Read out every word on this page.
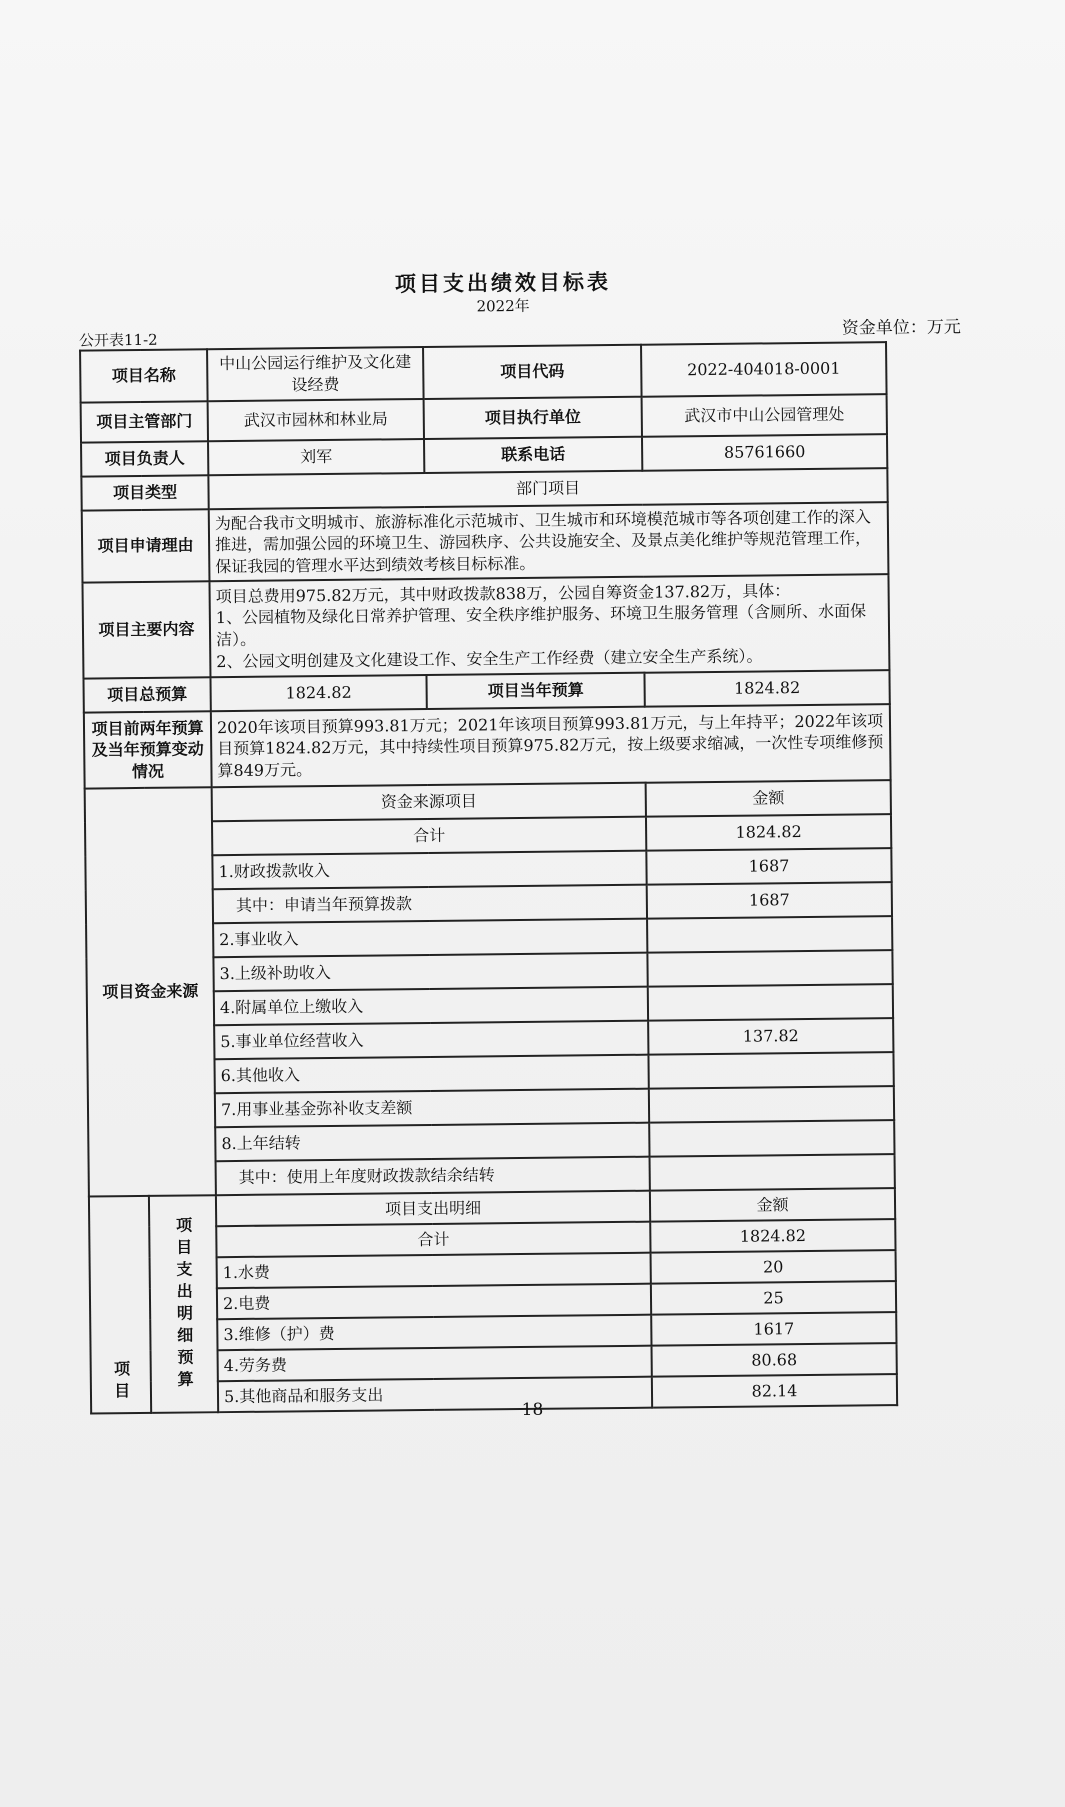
项目支出绩效目标表
2022年
公开表11-2
资金单位：万元
项目名称		中山公园运行维护及文化建设经费	项目代码	2022-404018-0001
项目主管部门		武汉市园林和林业局	项目执行单位	武汉市中山公园管理处
项目负责人		刘军	联系电话	85761660
项目类型		部门项目		
项目申请理由		为配合我市文明城市、旅游标准化示范城市、卫生城市和环境模范城市等各项创建工作的深入推进，需加强公园的环境卫生、游园秩序、公共设施安全、及景点美化维护等规范管理工作，保证我园的管理水平达到绩效考核目标标准。		
项目主要内容		项目总费用975.82万元，其中财政拨款838万，公园自筹资金137.82万，具体：
1、公园植物及绿化日常养护管理、安全秩序维护服务、环境卫生服务管理（含厕所、水面保洁）。
2、公园文明创建及文化建设工作、安全生产工作经费（建立安全生产系统）。		

项目总预算		1824.82	项目当年预算	1824.82
项目前两年预算及当年预算变动情况		2020年该项目预算993.81万元；2021年该项目预算993.81万元，与上年持平；2022年该项目预算1824.82万元，其中持续性项目预算975.82万元，按上级要求缩减，一次性专项维修预算849万元。		
项目资金来源		资金来源项目		金额
		合计		1824.82
		1.财政拨款收入		1687
		其中：申请当年预算拨款		1687
		2.事业收入		
		3.上级补助收入		
		4.附属单位上缴收入		
		5.事业单位经营收入		137.82
		6.其他收入		
		7.用事业基金弥补收支差额		
		8.上年结转		
		其中：使用上年度财政拨款结余结转		

项目	项目支出明细预算	项目支出明细		金额
		合计		1824.82
		1.水费		20
		2.电费		25
		3.维修（护）费		1617
		4.劳务费		80.68
		5.其他商品和服务支出		82.14
18
